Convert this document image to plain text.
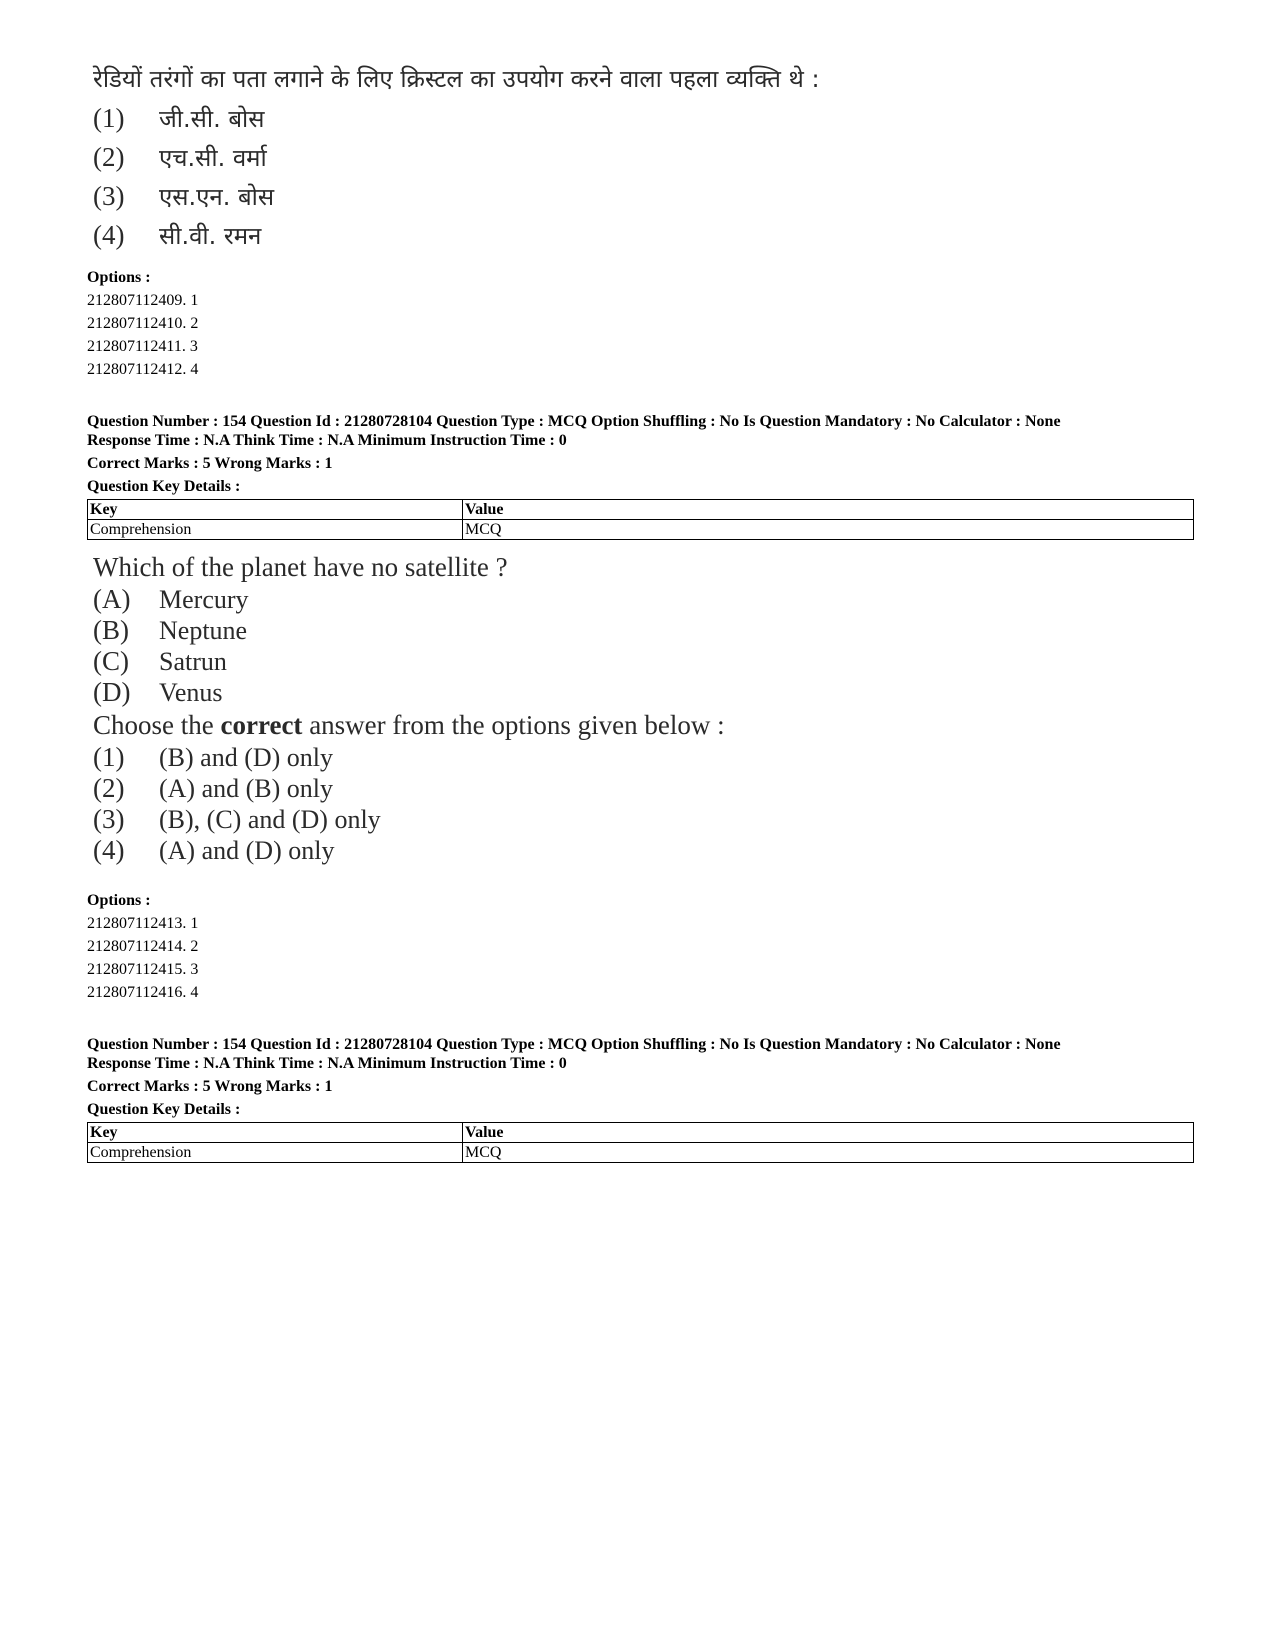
रेडियों तरंगों का पता लगाने के लिए क्रिस्टल का उपयोग करने वाला पहला व्यक्ति थे :
(1)	जी.सी. बोस
(2)	एच.सी. वर्मा
(3)	एस.एन. बोस
(4)	सी.वी. रमन
Options :
212807112409. 1
212807112410. 2
212807112411. 3
212807112412. 4
Question Number : 154 Question Id : 21280728104 Question Type : MCQ Option Shuffling : No Is Question Mandatory : No Calculator : None
Response Time : N.A Think Time : N.A Minimum Instruction Time : 0
Correct Marks : 5 Wrong Marks : 1
Question Key Details :
Key	Value
Comprehension	MCQ
Which of the planet have no satellite ?
(A)	Mercury
(B)	Neptune
(C)	Satrun
(D)	Venus
Choose the correct answer from the options given below :
(1)	(B) and (D) only
(2)	(A) and (B) only
(3)	(B), (C) and (D) only
(4)	(A) and (D) only
Options :
212807112413. 1
212807112414. 2
212807112415. 3
212807112416. 4
Question Number : 154 Question Id : 21280728104 Question Type : MCQ Option Shuffling : No Is Question Mandatory : No Calculator : None
Response Time : N.A Think Time : N.A Minimum Instruction Time : 0
Correct Marks : 5 Wrong Marks : 1
Question Key Details :
Key	Value
Comprehension	MCQ
